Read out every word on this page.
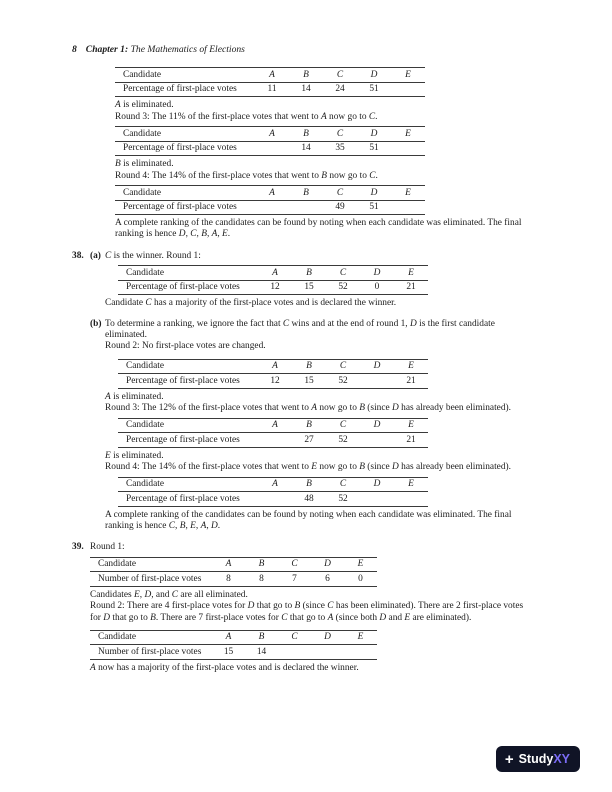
8 Chapter 1: The Mathematics of Elections
Candidate	A	B	C	D	E
Percentage of first-place votes	11	14	24	51	

A is eliminated.

Round 3: The 11% of the first-place votes that went to A now go to C.

Candidate	A	B	C	D	E
Percentage of first-place votes		14	35	51	

B is eliminated.

Round 4: The 14% of the first-place votes that went to B now go to C.

Candidate	A	B	C	D	E
Percentage of first-place votes			49	51	

A complete ranking of the candidates can be found by noting when each candidate was eliminated. The final ranking is hence D, C, B, A, E.

38. (a) C is the winner. Round 1:

Candidate	A	B	C	D	E
Percentage of first-place votes	12	15	52	0	21

Candidate C has a majority of the first-place votes and is declared the winner.

(b) To determine a ranking, we ignore the fact that C wins and at the end of round 1, D is the first candidate eliminated.

Round 2: No first-place votes are changed.

Candidate	A	B	C	D	E
Percentage of first-place votes	12	15	52		21

A is eliminated.

Round 3: The 12% of the first-place votes that went to A now go to B (since D has already been eliminated).

Candidate	A	B	C	D	E
Percentage of first-place votes		27	52		21

E is eliminated.

Round 4: The 14% of the first-place votes that went to E now go to B (since D has already been eliminated).

Candidate	A	B	C	D	E
Percentage of first-place votes		48	52		

A complete ranking of the candidates can be found by noting when each candidate was eliminated. The final ranking is hence C, B, E, A, D.

39. Round 1:

Candidate	A	B	C	D	E
Number of first-place votes	8	8	7	6	0

Candidates E, D, and C are all eliminated.

Round 2: There are 4 first-place votes for D that go to B (since C has been eliminated). There are 2 first-place votes for D that go to B. There are 7 first-place votes for C that go to A (since both D and E are eliminated).

Candidate	A	B	C	D	E
Number of first-place votes	15	14			

A now has a majority of the first-place votes and is declared the winner.

+ Study XY
